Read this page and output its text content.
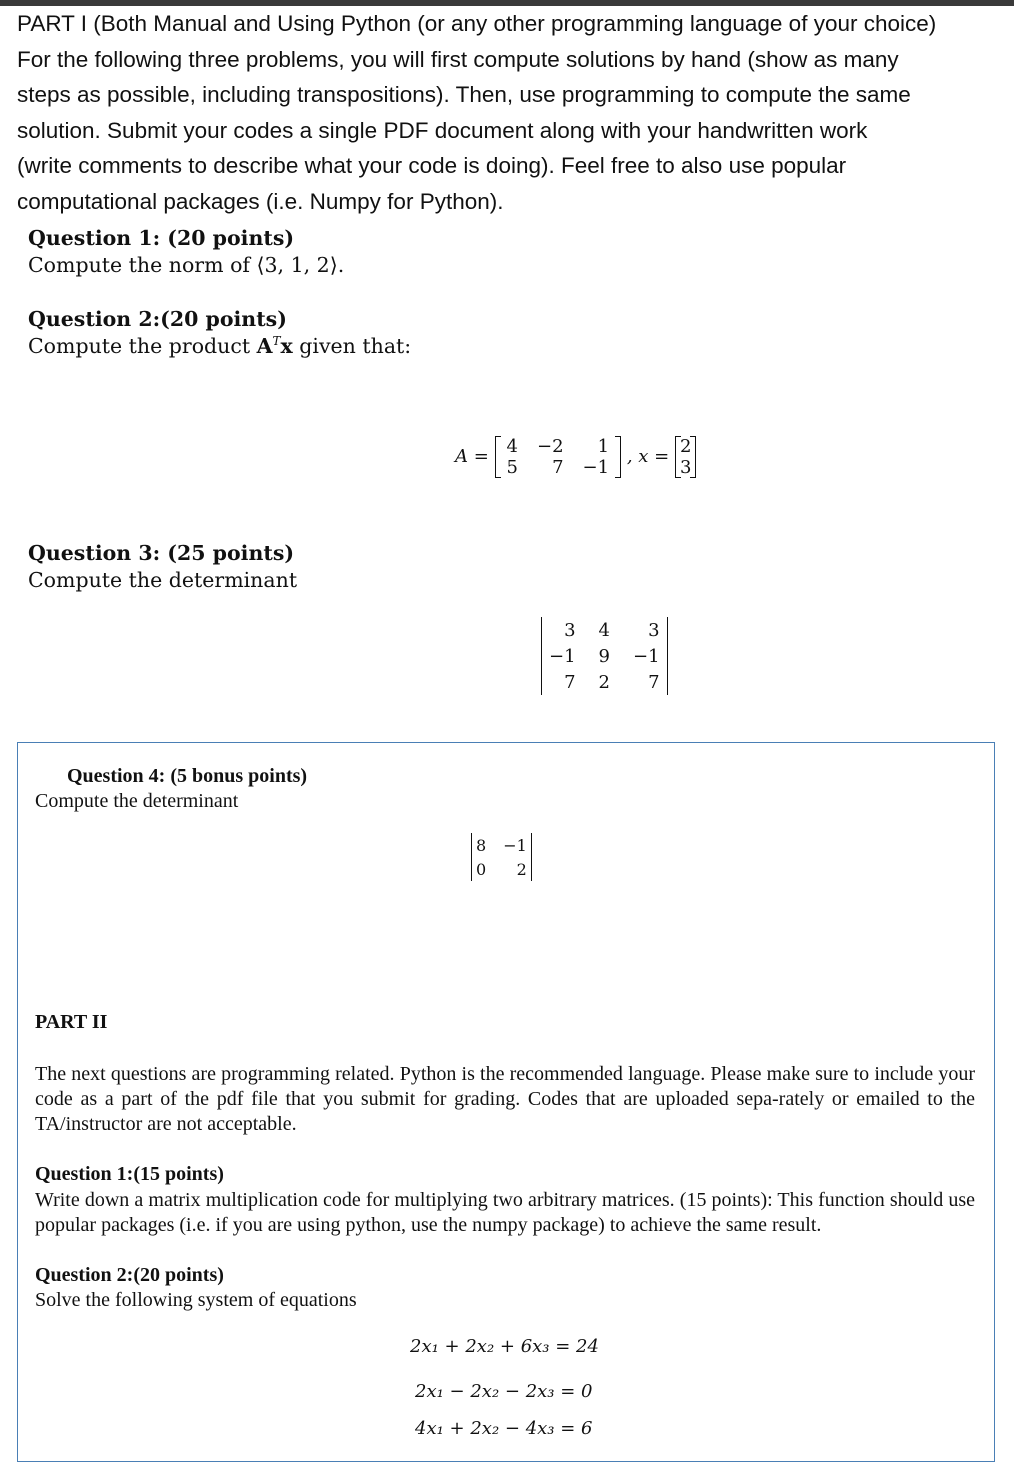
PART I (Both Manual and Using Python (or any other programming language of your choice)
For the following three problems, you will first compute solutions by hand (show as many
steps as possible, including transpositions). Then, use programming to compute the same
solution. Submit your codes a single PDF document along with your handwritten work
(write comments to describe what your code is doing). Feel free to also use popular
computational packages (i.e. Numpy for Python).
Question 1: (20 points)
Compute the norm of ⟨3, 1, 2⟩.
Question 2:(20 points)
Compute the product $A^Tx$ given that:
A = 4	−2	1
5	7	−1
, x = 2
3
Question 3: (25 points)
Compute the determinant
3	4	3
−1	9	−1
7	2	7
Question 4: (5 bonus points)
Compute the determinant
8	−1
0	2
PART II
The next questions are programming related. Python is the recommended language. Please make sure to include your code as a part of the pdf file that you submit for grading. Codes that are uploaded sepa-rately or emailed to the TA/instructor are not acceptable.
Question 1:(15 points)
Write down a matrix multiplication code for multiplying two arbitrary matrices. (15 points): This function should use popular packages (i.e. if you are using python, use the numpy package) to achieve the same result.
Question 2:(20 points)
Solve the following system of equations
2x₁ + 2x₂ + 6x₃ = 24
2x₁ − 2x₂ − 2x₃ = 0
4x₁ + 2x₂ − 4x₃ = 6
